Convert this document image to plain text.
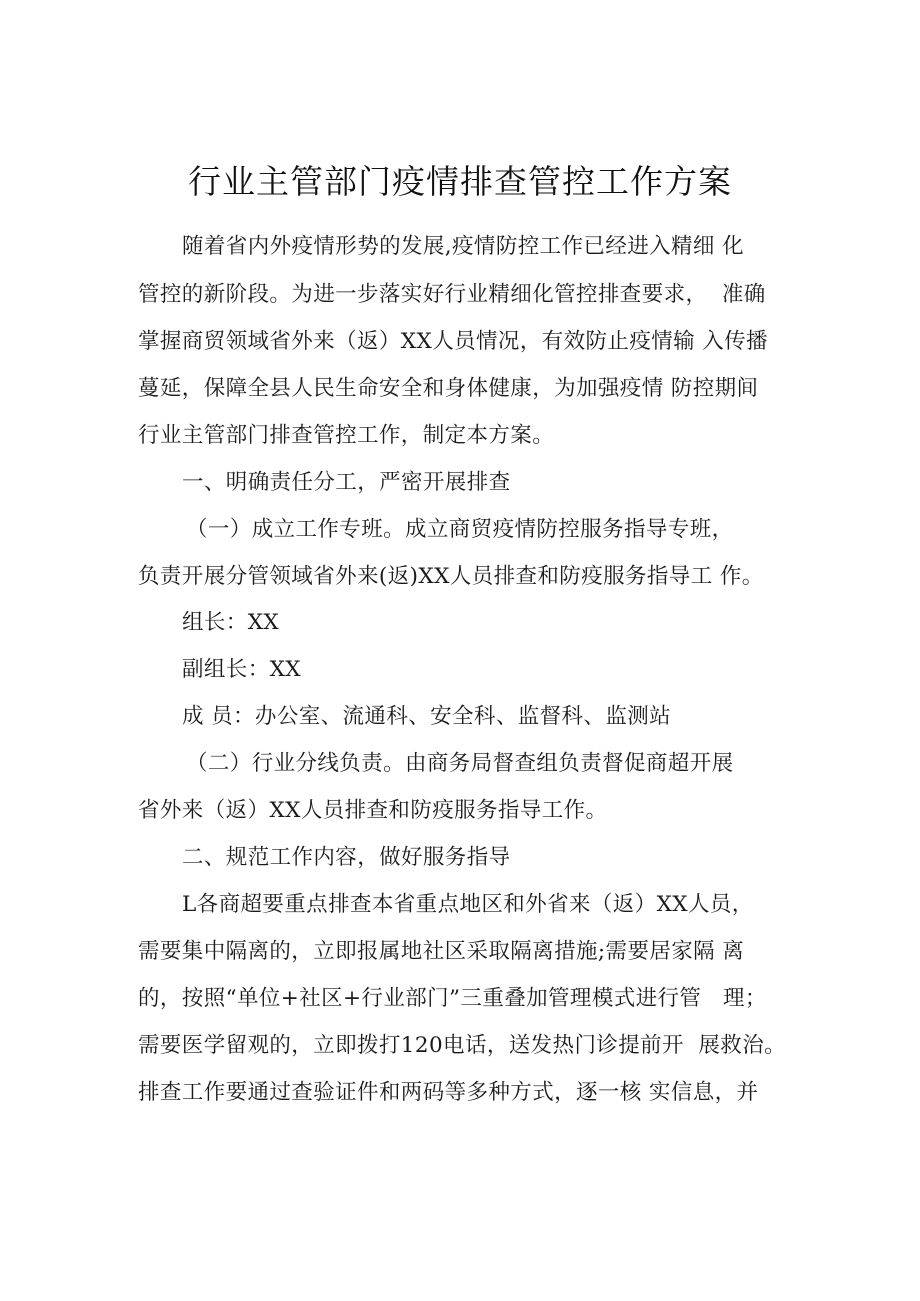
行业主管部门疫情排查管控工作方案
随着省内外疫情形势的发展,疫情防控工作已经进入精细 化
管控的新阶段。为进一步落实好行业精细化管控排查要求，  准确
掌握商贸领域省外来（返）XX人员情况，有效防止疫情输 入传播
蔓延，保障全县人民生命安全和身体健康，为加强疫情 防控期间
行业主管部门排查管控工作，制定本方案。
一、明确责任分工，严密开展排查
（一）成立工作专班。成立商贸疫情防控服务指导专班，
负责开展分管领域省外来(返)XX人员排查和防疫服务指导工 作。
组长：XX
副组长：XX
成 员：办公室、流通科、安全科、监督科、监测站
（二）行业分线负责。由商务局督查组负责督促商超开展
省外来（返）XX人员排查和防疫服务指导工作。
二、规范工作内容，做好服务指导
L各商超要重点排查本省重点地区和外省来（返）XX人员，
需要集中隔离的，立即报属地社区采取隔离措施;需要居家隔 离
的，按照“单位+社区+行业部门”三重叠加管理模式进行管   理；
需要医学留观的，立即拨打120电话，送发热门诊提前开  展救治。
排查工作要通过查验证件和两码等多种方式，逐一核 实信息，并
